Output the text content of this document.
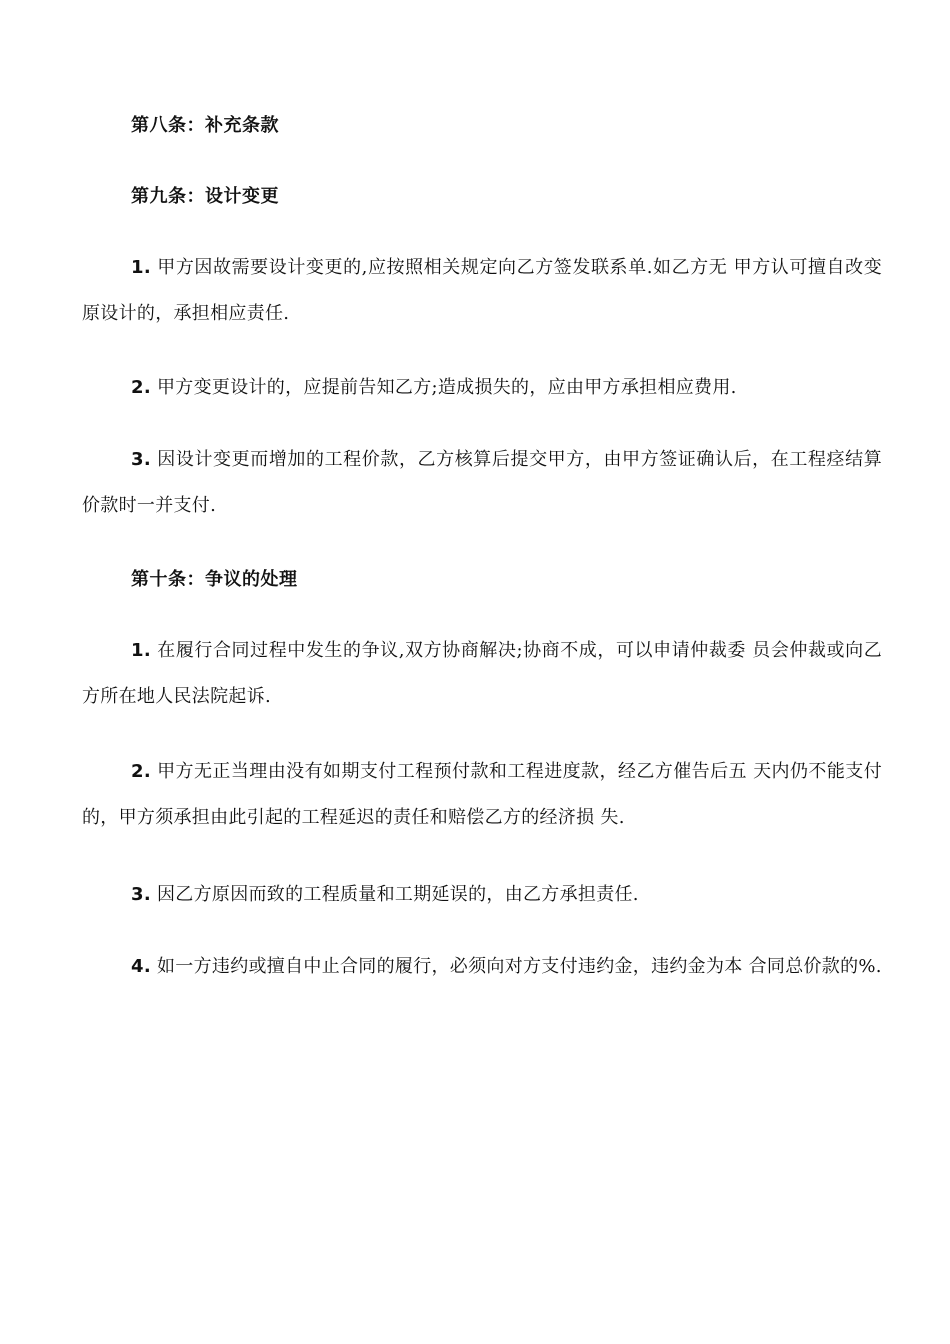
第八条：补充条款
第九条：设计变更

1. 甲方因故需要设计变更的,应按照相关规定向乙方签发联系单.如乙方无 甲方认可擅自改变原设计的，承担相应责任.

2. 甲方变更设计的，应提前告知乙方;造成损失的，应由甲方承担相应费用.

3. 因设计变更而增加的工程价款，乙方核算后提交甲方，由甲方签证确认后，在工程痉结算价款时一并支付.

第十条：争议的处理

1. 在履行合同过程中发生的争议,双方协商解决;协商不成，可以申请仲裁委 员会仲裁或向乙方所在地人民法院起诉.

2. 甲方无正当理由没有如期支付工程预付款和工程进度款，经乙方催告后五 天内仍不能支付的，甲方须承担由此引起的工程延迟的责任和赔偿乙方的经济损 失.

3. 因乙方原因而致的工程质量和工期延误的，由乙方承担责任.

4. 如一方违约或擅自中止合同的履行，必须向对方支付违约金，违约金为本 合同总价款的%.
